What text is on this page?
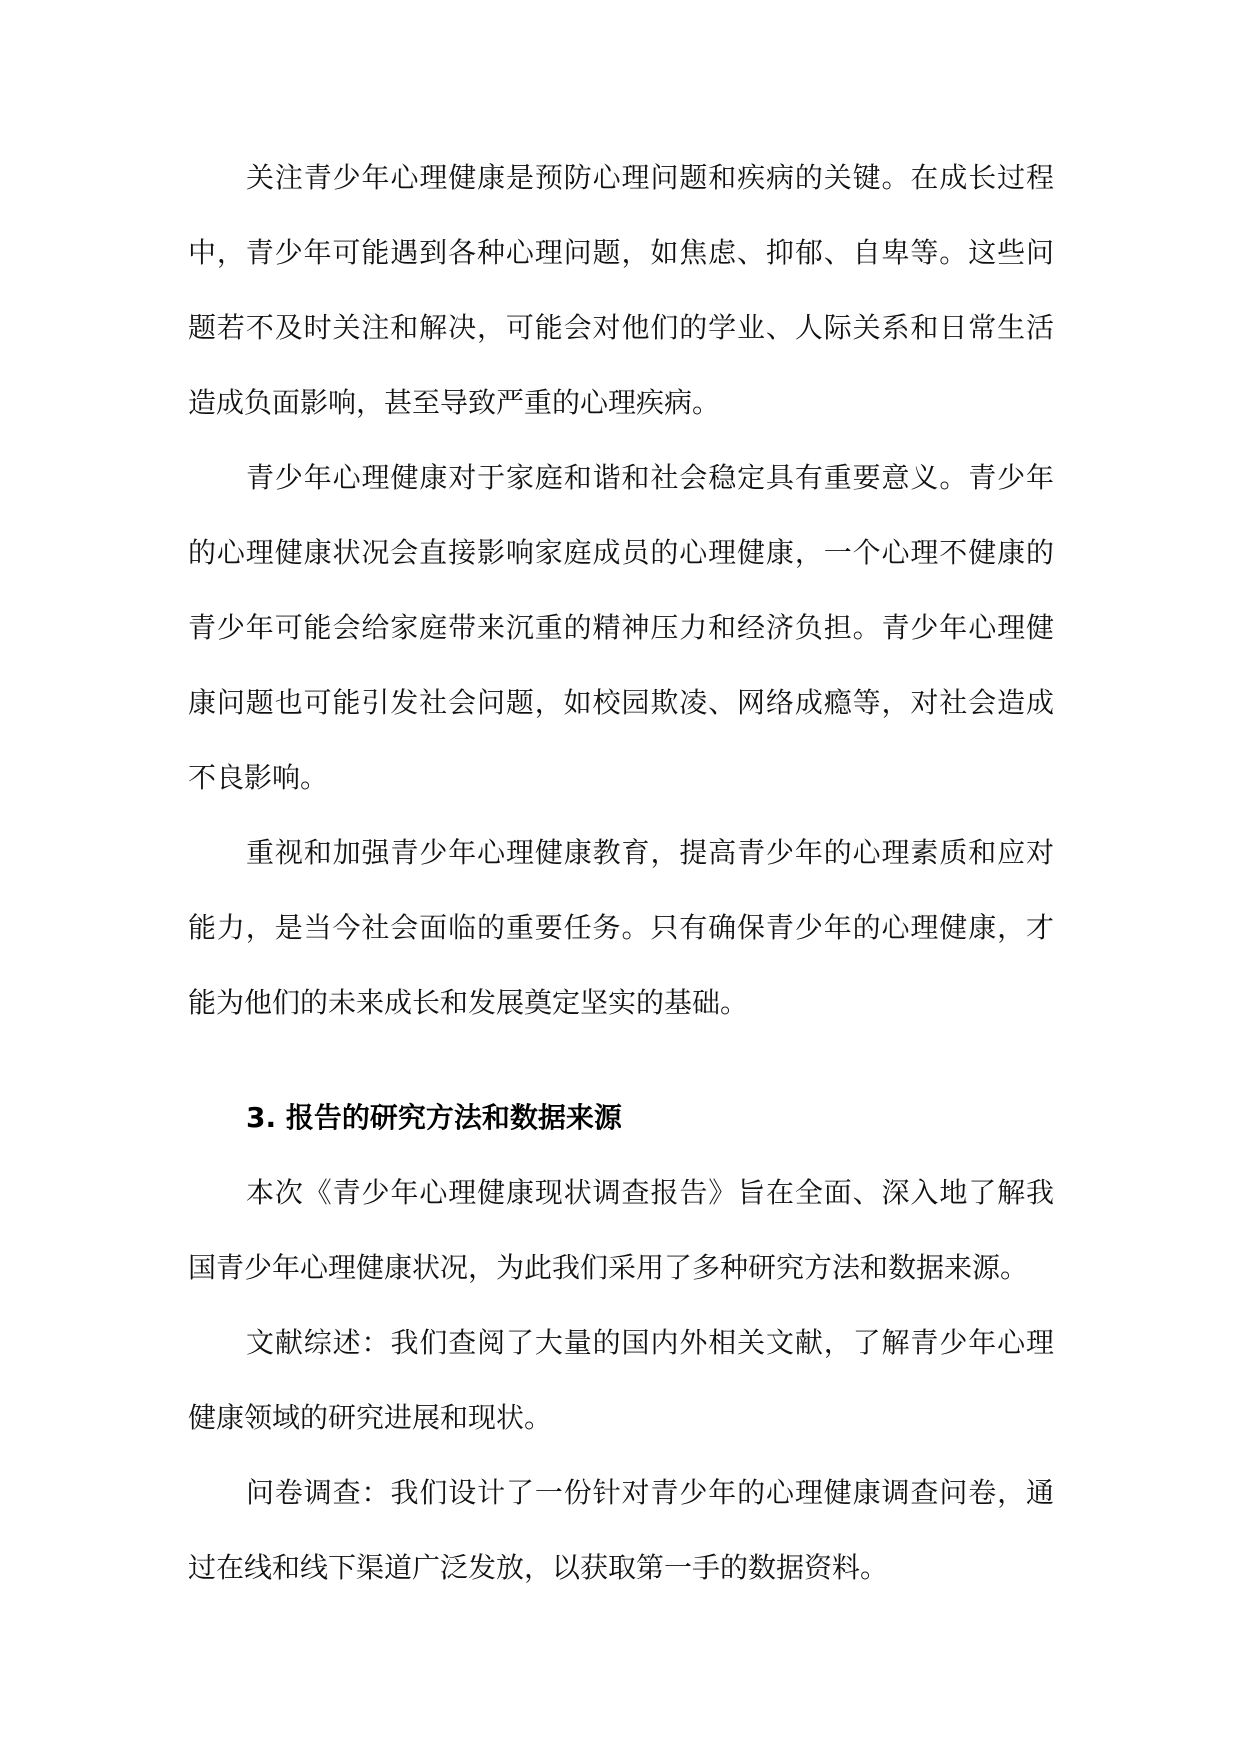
关注青少年心理健康是预防心理问题和疾病的关键。在成长过程中，青少年可能遇到各种心理问题，如焦虑、抑郁、自卑等。这些问题若不及时关注和解决，可能会对他们的学业、人际关系和日常生活造成负面影响，甚至导致严重的心理疾病。

青少年心理健康对于家庭和谐和社会稳定具有重要意义。青少年的心理健康状况会直接影响家庭成员的心理健康，一个心理不健康的青少年可能会给家庭带来沉重的精神压力和经济负担。青少年心理健康问题也可能引发社会问题，如校园欺凌、网络成瘾等，对社会造成不良影响。

重视和加强青少年心理健康教育，提高青少年的心理素质和应对能力，是当今社会面临的重要任务。只有确保青少年的心理健康，才能为他们的未来成长和发展奠定坚实的基础。

3. 报告的研究方法和数据来源

本次《青少年心理健康现状调查报告》旨在全面、深入地了解我国青少年心理健康状况，为此我们采用了多种研究方法和数据来源。

文献综述：我们查阅了大量的国内外相关文献，了解青少年心理健康领域的研究进展和现状。

问卷调查：我们设计了一份针对青少年的心理健康调查问卷，通过在线和线下渠道广泛发放，以获取第一手的数据资料。
